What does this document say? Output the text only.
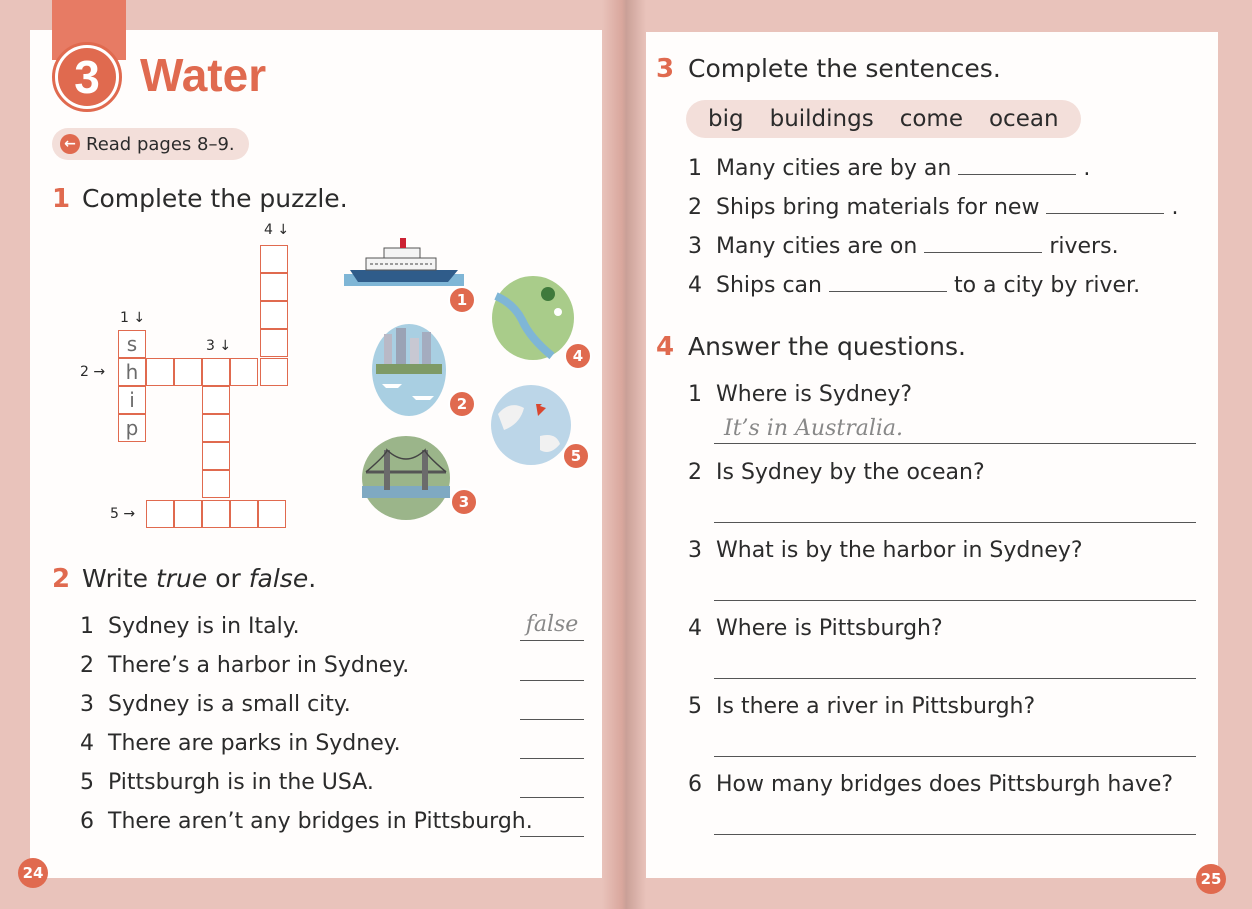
3 Water
← Read pages 8–9.
1 Complete the puzzle.
4 ↓
1 ↓
3 ↓
2 →
5 →
s
h
i
p
1
2
3
4
5
2 Write true or false.
1 Sydney is in Italy.	false
2 There’s a harbor in Sydney.
3 Sydney is a small city.
4 There are parks in Sydney.
5 Pittsburgh is in the USA.
6 There aren’t any bridges in Pittsburgh.
24
3 Complete the sentences.
big buildings come ocean
1 Many cities are by an	.
2 Ships bring materials for new	.
3 Many cities are on	rivers.
4 Ships can	to a city by river.
4 Answer the questions.
1 Where is Sydney?
It’s in Australia.
2 Is Sydney by the ocean?
3 What is by the harbor in Sydney?
4 Where is Pittsburgh?
5 Is there a river in Pittsburgh?
6 How many bridges does Pittsburgh have?
25
